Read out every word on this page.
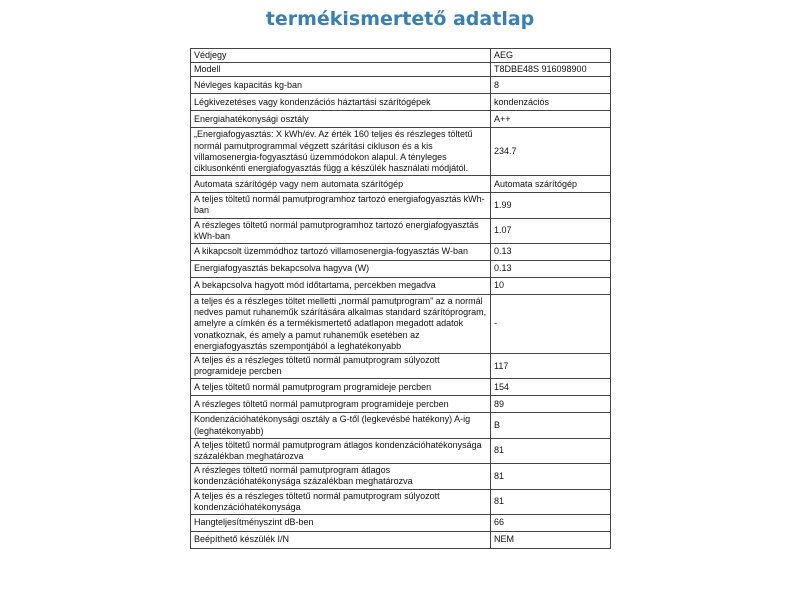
termékismertető adatlap
Védjegy	AEG
Modell	T8DBE48S 916098900
Névleges kapacitás kg-ban	8
Légkivezetéses vagy kondenzációs háztartási szárítógépek	kondenzációs
Energiahatékonysági osztály	A++
„Energiafogyasztás: X kWh/év. Az érték 160 teljes és részleges töltetű normál pamutprogrammal végzett szárítási cikluson és a kis villamosenergia-fogyasztású üzemmódokon alapul. A tényleges ciklusonkénti energiafogyasztás függ a készülék használati módjától.	234.7
Automata szárítógép vagy nem automata szárítógép	Automata szárítógép
A teljes töltetű normál pamutprogramhoz tartozó energiafogyasztás kWh-ban	1.99
A részleges töltetű normál pamutprogramhoz tartozó energiafogyasztás kWh-ban	1.07
A kikapcsolt üzemmódhoz tartozó villamosenergia-fogyasztás W-ban	0.13
Energiafogyasztás bekapcsolva hagyva (W)	0.13
A bekapcsolva hagyott mód időtartama, percekben megadva	10
a teljes és a részleges töltet melletti „normál pamutprogram” az a normál nedves pamut ruhaneműk szárítására alkalmas standard szárítóprogram, amelyre a címkén és a termékismertető adatlapon megadott adatok vonatkoznak, és amely a pamut ruhaneműk esetében az energiafogyasztás szempontjából a leghatékonyabb	-
A teljes és a részleges töltetű normál pamutprogram súlyozott programideje percben	117
A teljes töltetű normál pamutprogram programideje percben	154
A részleges töltetű normál pamutprogram programideje percben	89
Kondenzációhatékonysági osztály a G-től (legkevésbé hatékony) A-ig (leghatékonyabb)	B
A teljes töltetű normál pamutprogram átlagos kondenzációhatékonysága százalékban meghatározva	81
A részleges töltetű normál pamutprogram átlagos kondenzációhatékonysága százalékban meghatározva	81
A teljes és a részleges töltetű normál pamutprogram súlyozott kondenzációhatékonysága	81
Hangteljesítményszint dB-ben	66
Beépíthető készülék I/N	NEM
